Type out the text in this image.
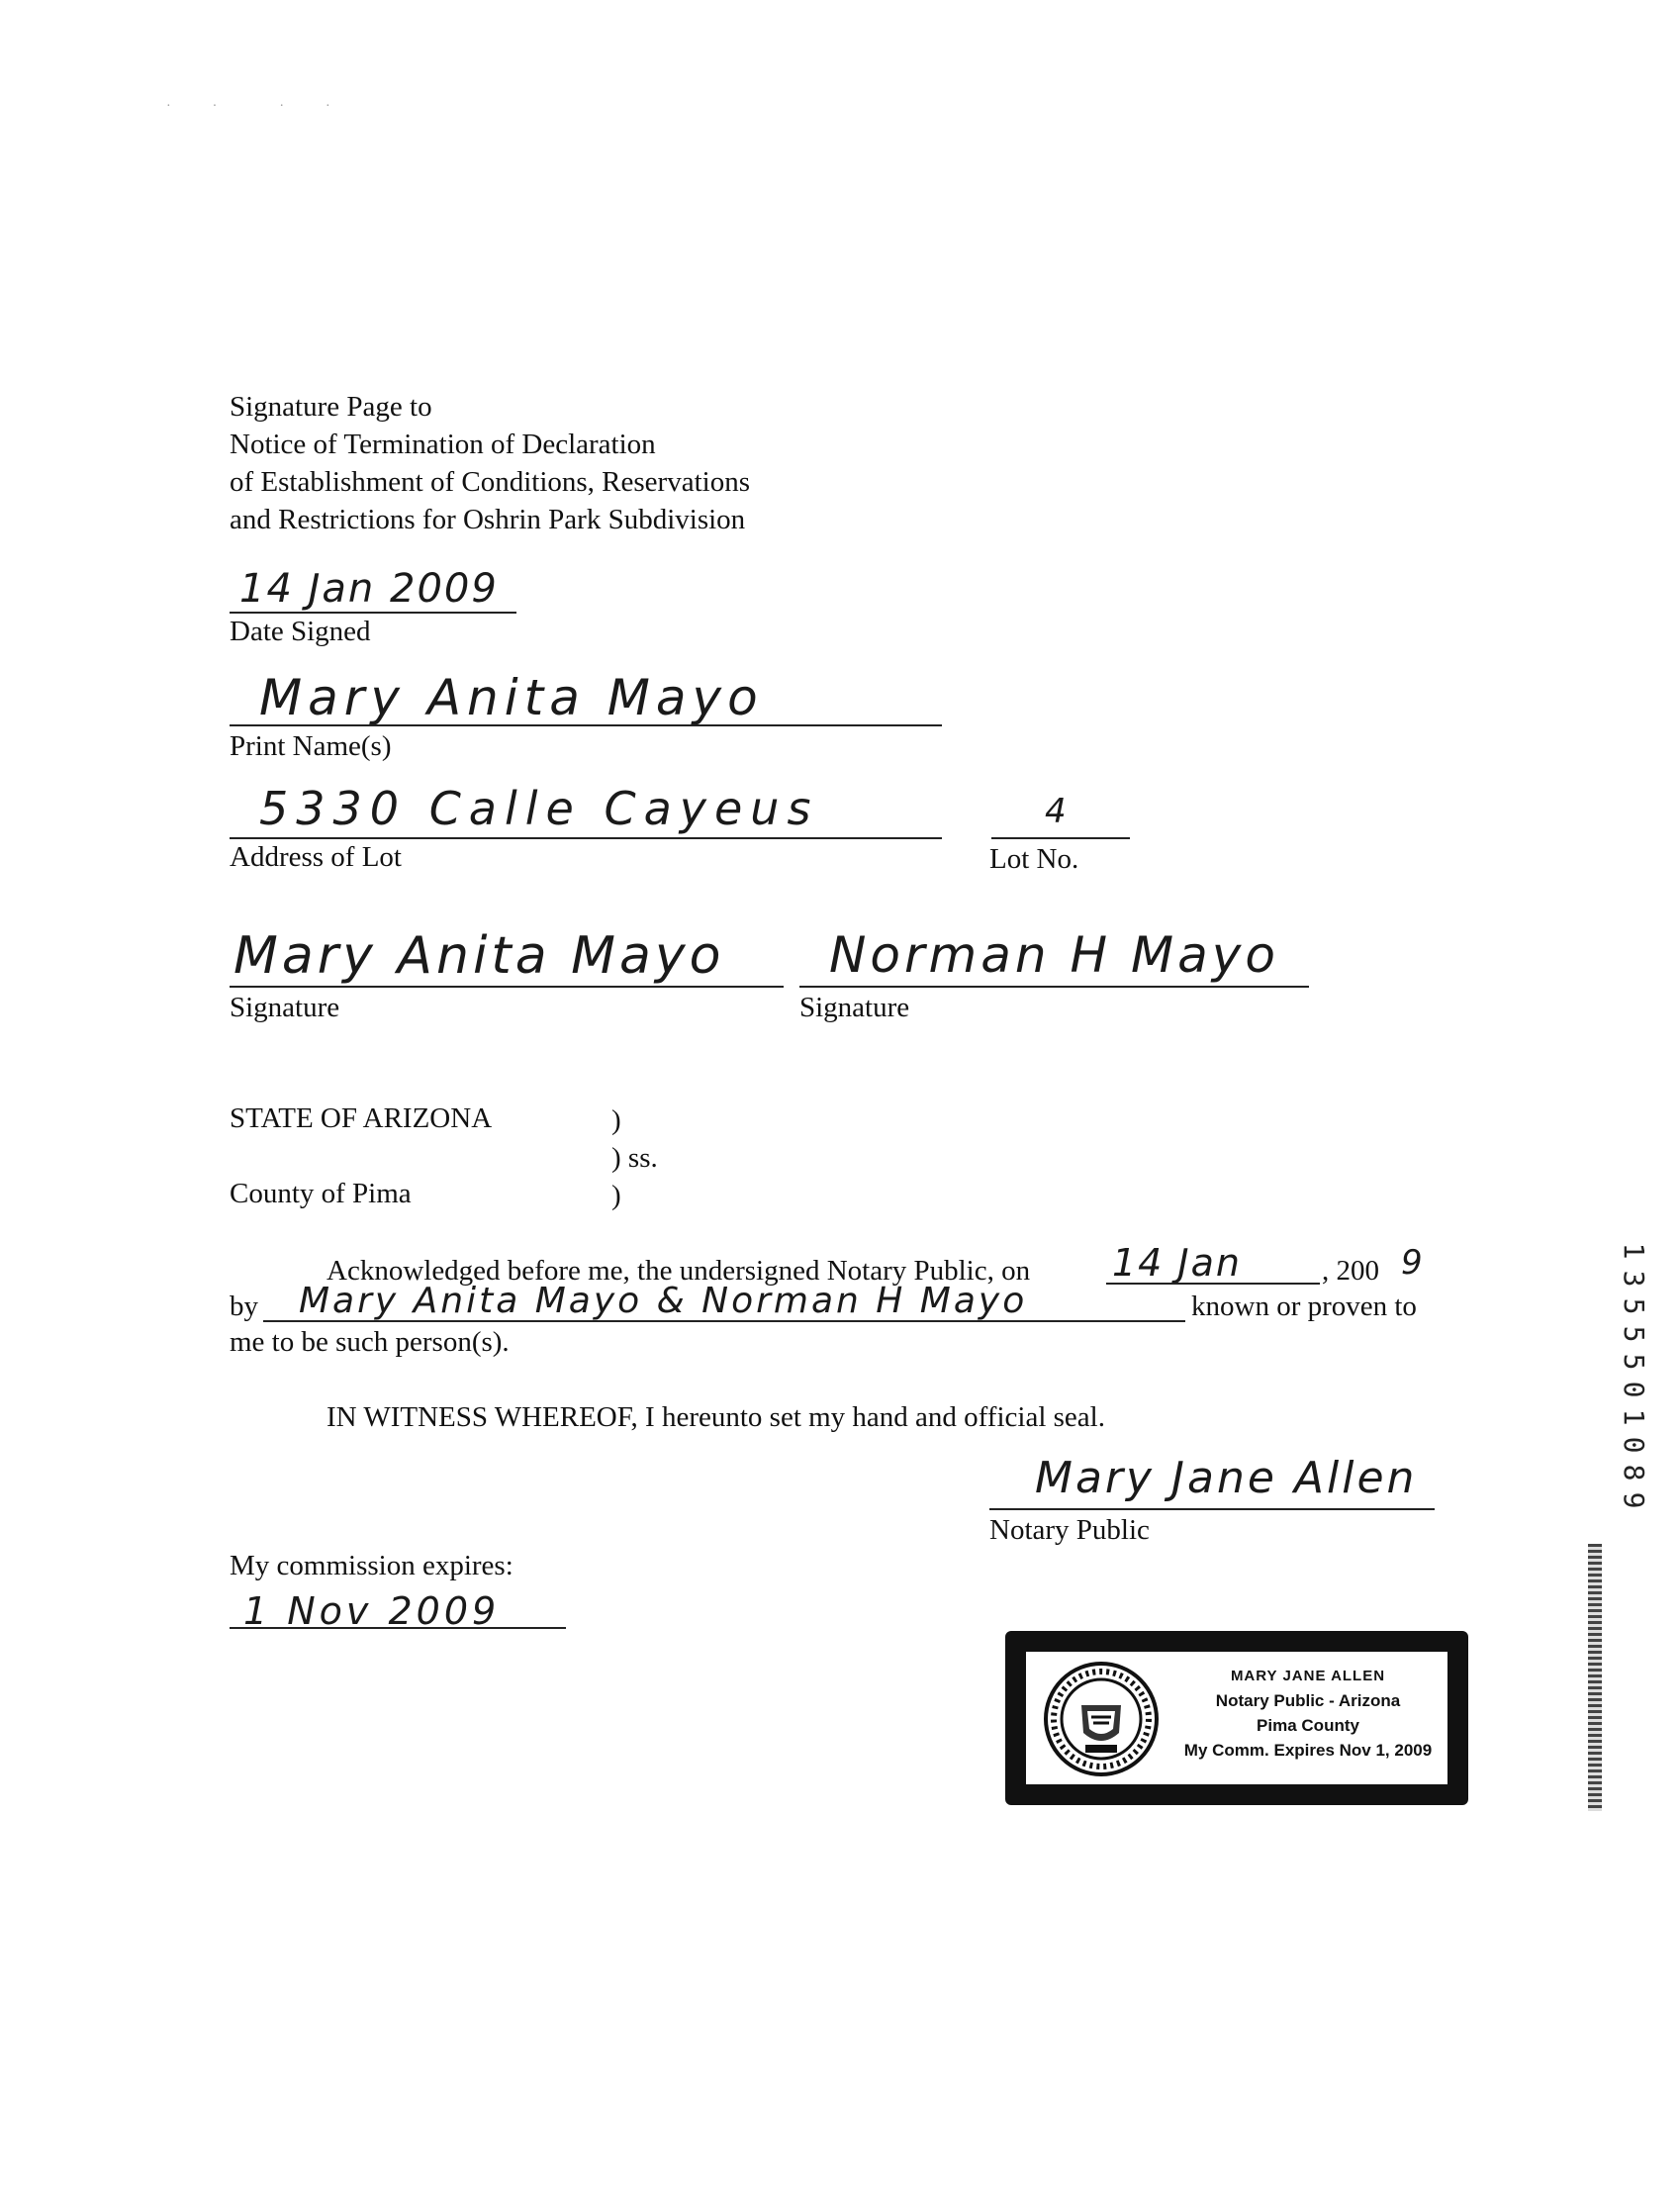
·            ·                  ·            ·
Signature Page to
Notice of Termination of Declaration
of Establishment of Conditions, Reservations
and Restrictions for Oshrin Park Subdivision
14 Jan 2009
Date Signed
Mary Anita Mayo
Print Name(s)
5330 Calle Cayeus
Address of Lot
4
Lot No.
Mary Anita Mayo
Signature
Norman H Mayo
Signature
STATE OF ARIZONA	)
) ss.
County of Pima	)
Acknowledged before me, the undersigned Notary Public, on 14 Jan	, 200 9
by Mary Anita Mayo & Norman H Mayo	known or proven to
me to be such person(s).
IN WITNESS WHEREOF, I hereunto set my hand and official seal.
Mary Jane Allen
Notary Public
My commission expires:
1 Nov 2009
1
3
5
5
5
0
1
0
8
9
MARY JANE ALLEN
Notary Public - Arizona
Pima County
My Comm. Expires Nov 1, 2009
